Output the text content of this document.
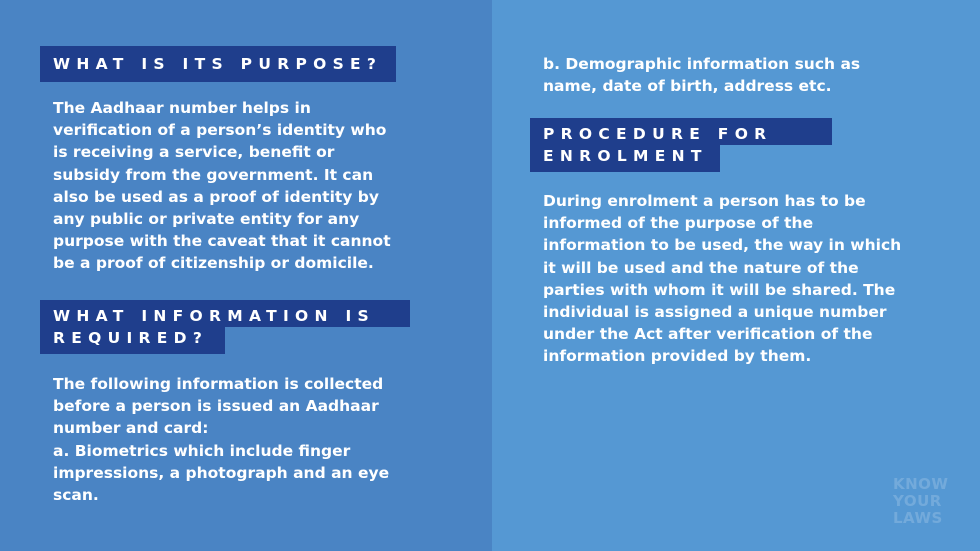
WHAT IS ITS PURPOSE?
The Aadhaar number helps in
verification of a person’s identity who
is receiving a service, benefit or
subsidy from the government. It can
also be used as a proof of identity by
any public or private entity for any
purpose with the caveat that it cannot
be a proof of citizenship or domicile.
WHAT INFORMATION IS
REQUIRED?
The following information is collected
before a person is issued an Aadhaar
number and card:
a. Biometrics which include finger
impressions, a photograph and an eye
scan.
b. Demographic information such as
name, date of birth, address etc.
PROCEDURE FOR
ENROLMENT
During enrolment a person has to be
informed of the purpose of the
information to be used, the way in which
it will be used and the nature of the
parties with whom it will be shared. The
individual is assigned a unique number
under the Act after verification of the
information provided by them.
KNOW
YOUR
LAWS
